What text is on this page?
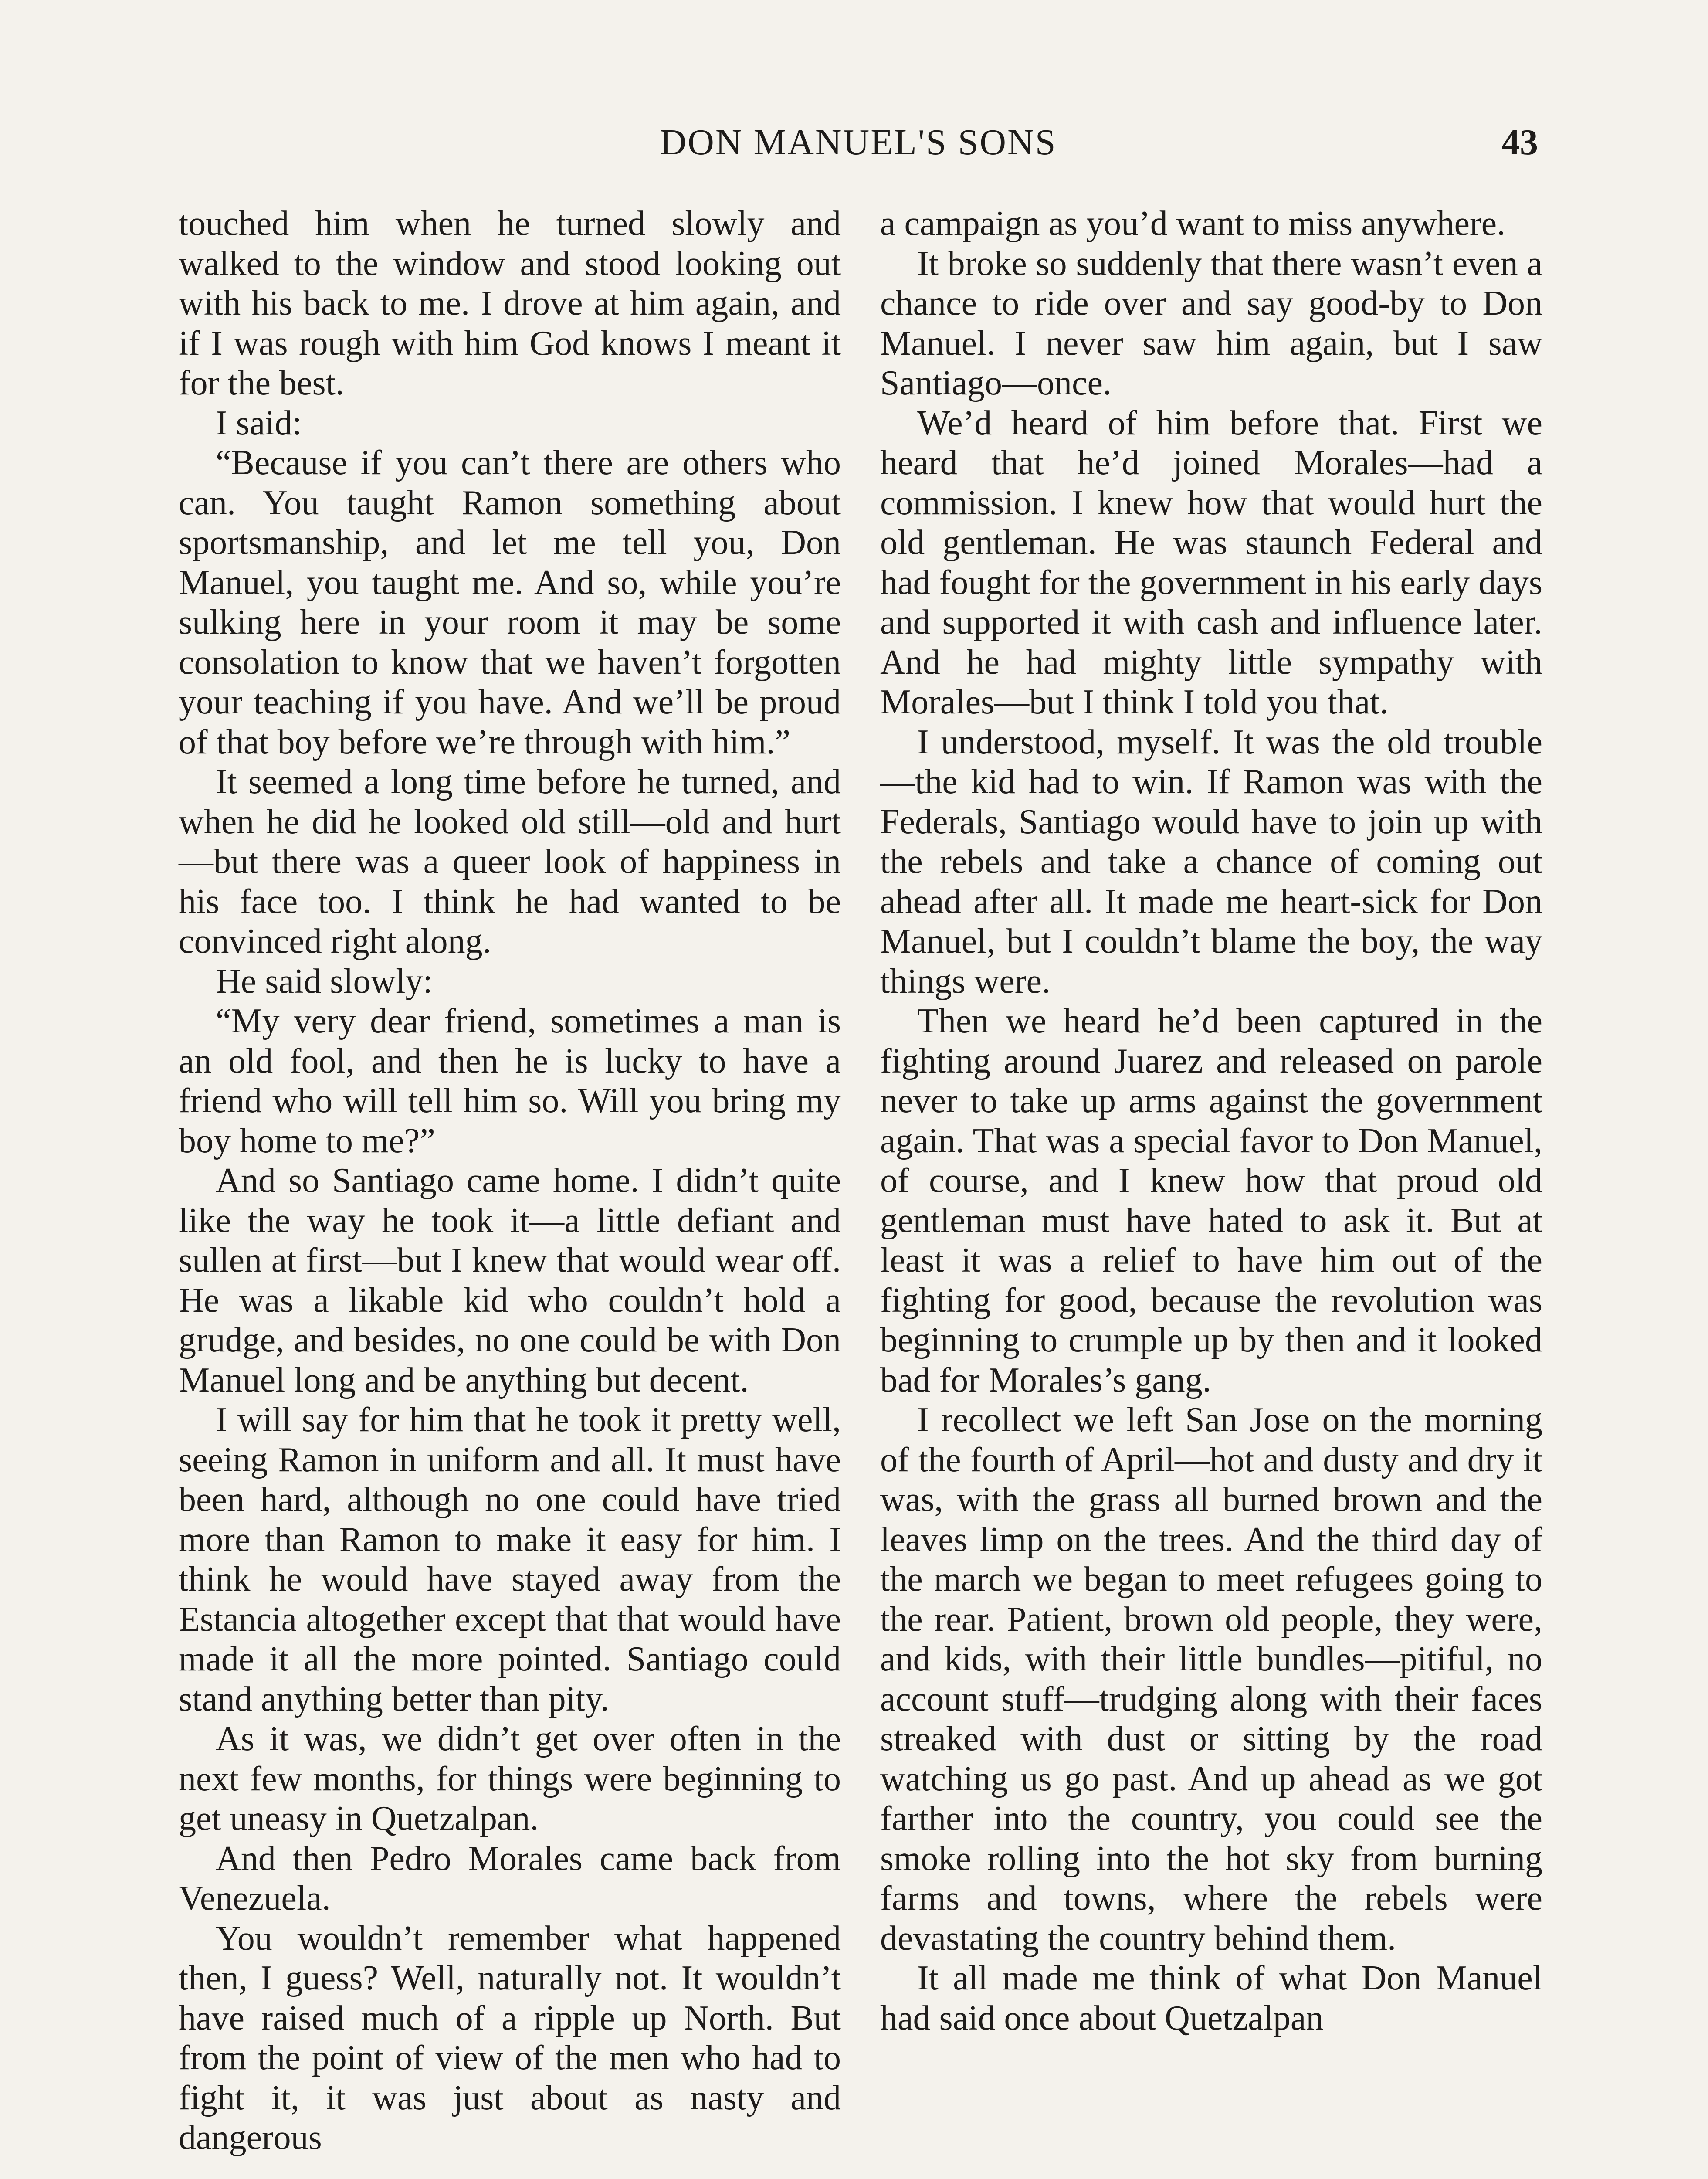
DON MANUEL'S SONS	43

touched him when he turned slowly and walked to the window and stood looking out with his back to me. I drove at him again, and if I was rough with him God knows I meant it for the best.

I said:

“Because if you can’t there are others who can. You taught Ramon something about sportsmanship, and let me tell you, Don Manuel, you taught me. And so, while you’re sulking here in your room it may be some consolation to know that we haven’t forgotten your teaching if you have. And we’ll be proud of that boy before we’re through with him.”

It seemed a long time before he turned, and when he did he looked old still—old and hurt—but there was a queer look of happiness in his face too. I think he had wanted to be convinced right along.

He said slowly:

“My very dear friend, sometimes a man is an old fool, and then he is lucky to have a friend who will tell him so. Will you bring my boy home to me?”

And so Santiago came home. I didn’t quite like the way he took it—a little defiant and sullen at first—but I knew that would wear off. He was a likable kid who couldn’t hold a grudge, and besides, no one could be with Don Manuel long and be anything but decent.

I will say for him that he took it pretty well, seeing Ramon in uniform and all. It must have been hard, although no one could have tried more than Ramon to make it easy for him. I think he would have stayed away from the Estancia altogether except that that would have made it all the more pointed. Santiago could stand anything better than pity.

As it was, we didn’t get over often in the next few months, for things were beginning to get uneasy in Quetzalpan.

And then Pedro Morales came back from Venezuela.

You wouldn’t remember what happened then, I guess? Well, naturally not. It wouldn’t have raised much of a ripple up North. But from the point of view of the men who had to fight it, it was just about as nasty and dangerous

a campaign as you’d want to miss anywhere.

It broke so suddenly that there wasn’t even a chance to ride over and say good-by to Don Manuel. I never saw him again, but I saw Santiago—once.

We’d heard of him before that. First we heard that he’d joined Morales—had a commission. I knew how that would hurt the old gentleman. He was staunch Federal and had fought for the government in his early days and supported it with cash and influence later. And he had mighty little sympathy with Morales—but I think I told you that.

I understood, myself. It was the old trouble—the kid had to win. If Ramon was with the Federals, Santiago would have to join up with the rebels and take a chance of coming out ahead after all. It made me heart-sick for Don Manuel, but I couldn’t blame the boy, the way things were.

Then we heard he’d been captured in the fighting around Juarez and released on parole never to take up arms against the government again. That was a special favor to Don Manuel, of course, and I knew how that proud old gentleman must have hated to ask it. But at least it was a relief to have him out of the fighting for good, because the revolution was beginning to crumple up by then and it looked bad for Morales’s gang.

I recollect we left San Jose on the morning of the fourth of April—hot and dusty and dry it was, with the grass all burned brown and the leaves limp on the trees. And the third day of the march we began to meet refugees going to the rear. Patient, brown old people, they were, and kids, with their little bundles—pitiful, no account stuff—trudging along with their faces streaked with dust or sitting by the road watching us go past. And up ahead as we got farther into the country, you could see the smoke rolling into the hot sky from burning farms and towns, where the rebels were devastating the country behind them.

It all made me think of what Don Manuel had said once about Quetzalpan
